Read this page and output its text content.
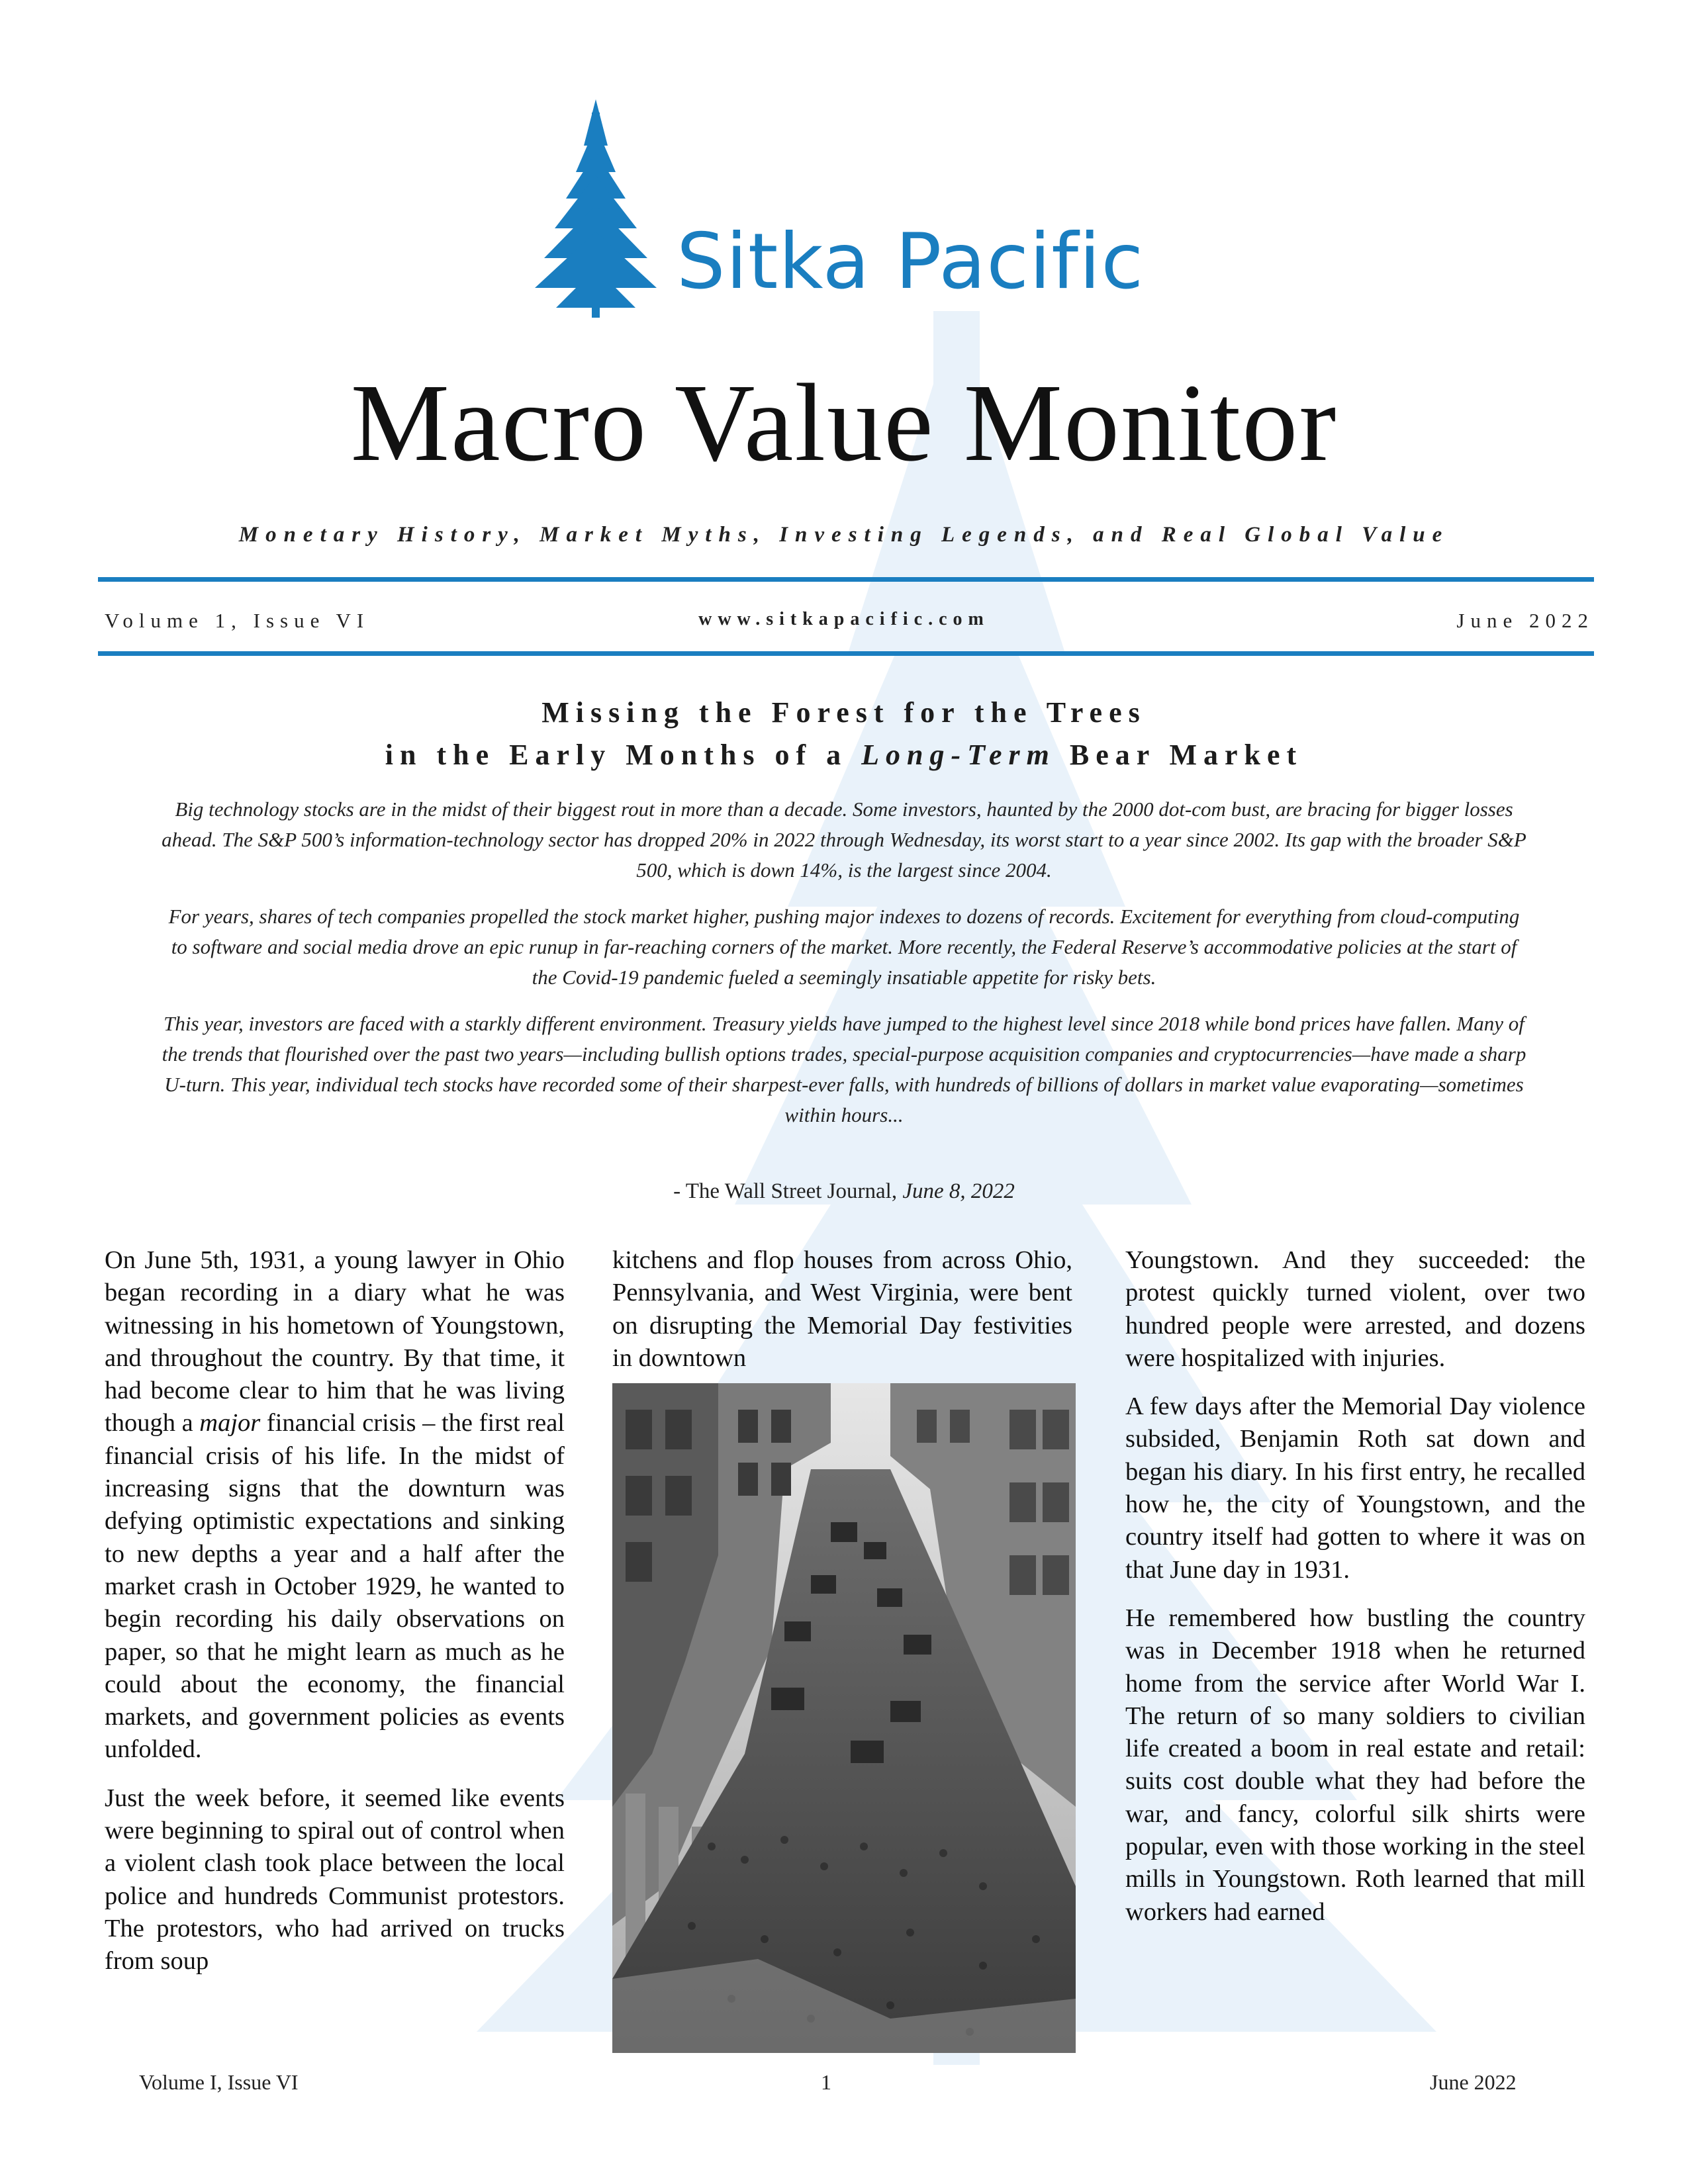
Sitka Pacific
Macro Value Monitor
Monetary History, Market Myths, Investing Legends, and Real Global Value
Volume 1, Issue VI	www.sitkapacific.com	June 2022
Missing the Forest for the Trees
in the Early Months of a Long-Term Bear Market

Big technology stocks are in the midst of their biggest rout in more than a decade. Some investors, haunted by the 2000 dot-com bust, are bracing for bigger losses ahead. The S&P 500’s information-technology sector has dropped 20% in 2022 through Wednesday, its worst start to a year since 2002. Its gap with the broader S&P 500, which is down 14%, is the largest since 2004.

For years, shares of tech companies propelled the stock market higher, pushing major indexes to dozens of records. Excitement for everything from cloud-computing to software and social media drove an epic runup in far-reaching corners of the market. More recently, the Federal Reserve’s accommodative policies at the start of the Covid-19 pandemic fueled a seemingly insatiable appetite for risky bets.

This year, investors are faced with a starkly different environment. Treasury yields have jumped to the highest level since 2018 while bond prices have fallen. Many of the trends that flourished over the past two years—including bullish options trades, special-purpose acquisition companies and cryptocurrencies—have made a sharp U-turn. This year, individual tech stocks have recorded some of their sharpest-ever falls, with hundreds of billions of dollars in market value evaporating—sometimes within hours...

- The Wall Street Journal, June 8, 2022

On June 5th, 1931, a young lawyer in Ohio began recording in a diary what he was witnessing in his hometown of Youngstown, and throughout the country. By that time, it had become clear to him that he was living though a major financial crisis – the first real financial crisis of his life. In the midst of increasing signs that the downturn was defying optimistic expectations and sinking to new depths a year and a half after the market crash in October 1929, he wanted to begin recording his daily observations on paper, so that he might learn as much as he could about the economy, the financial markets, and government policies as events unfolded.

Just the week before, it seemed like events were beginning to spiral out of control when a violent clash took place between the local police and hundreds Communist protestors. The protestors, who had arrived on trucks from soup

kitchens and flop houses from across Ohio, Pennsylvania, and West Virginia, were bent on disrupting the Memorial Day festivities in downtown

Youngstown. And they succeeded: the protest quickly turned violent, over two hundred people were arrested, and dozens were hospitalized with injuries.

A few days after the Memorial Day violence subsided, Benjamin Roth sat down and began his diary. In his first entry, he recalled how he, the city of Youngstown, and the country itself had gotten to where it was on that June day in 1931.

He remembered how bustling the country was in December 1918 when he returned home from the service after World War I. The return of so many soldiers to civilian life created a boom in real estate and retail: suits cost double what they had before the war, and fancy, colorful silk shirts were popular, even with those working in the steel mills in Youngstown. Roth learned that mill workers had earned

Volume I, Issue VI	1	June 2022
